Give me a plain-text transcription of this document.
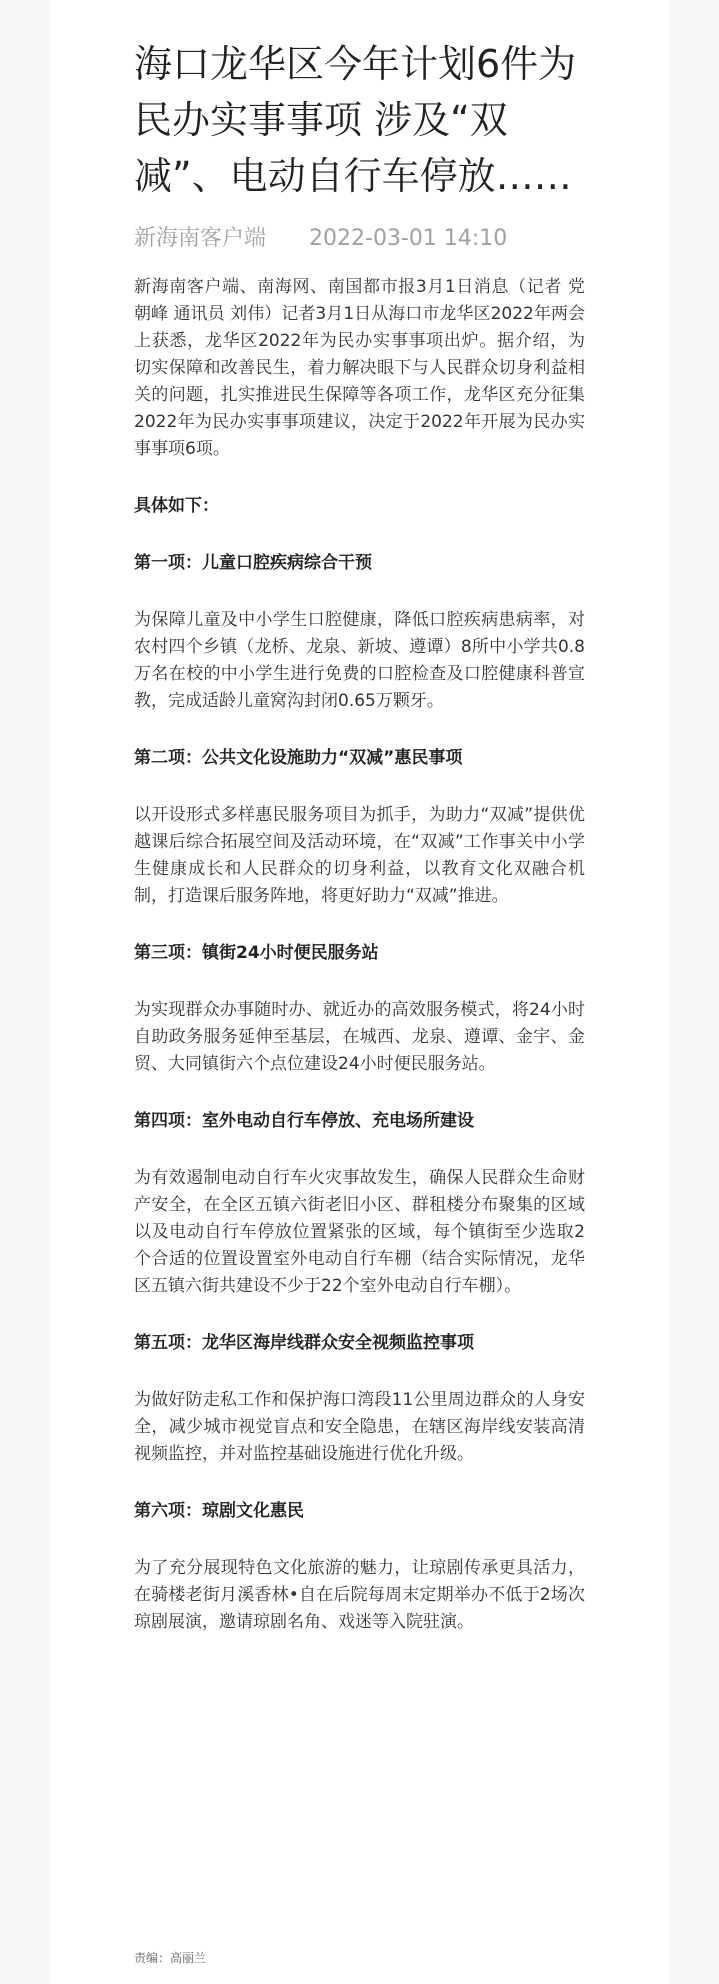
海口龙华区今年计划6件为民办实事事项 涉及“双减”、电动自行车停放……
新海南客户端 2022-03-01 14:10

新海南客户端、南海网、南国都市报3月1日消息（记者 党朝峰 通讯员 刘伟）记者3月1日从海口市龙华区2022年两会上获悉，龙华区2022年为民办实事事项出炉。据介绍，为切实保障和改善民生，着力解决眼下与人民群众切身利益相关的问题，扎实推进民生保障等各项工作，龙华区充分征集2022年为民办实事事项建议，决定于2022年开展为民办实事事项6项。

具体如下：

第一项：儿童口腔疾病综合干预

为保障儿童及中小学生口腔健康，降低口腔疾病患病率，对农村四个乡镇（龙桥、龙泉、新坡、遵谭）8所中小学共0.8万名在校的中小学生进行免费的口腔检查及口腔健康科普宣教，完成适龄儿童窝沟封闭0.65万颗牙。

第二项：公共文化设施助力“双减”惠民事项

以开设形式多样惠民服务项目为抓手，为助力“双减”提供优越课后综合拓展空间及活动环境，在“双减”工作事关中小学生健康成长和人民群众的切身利益，以教育文化双融合机制，打造课后服务阵地，将更好助力“双减”推进。

第三项：镇街24小时便民服务站

为实现群众办事随时办、就近办的高效服务模式，将24小时自助政务服务延伸至基层，在城西、龙泉、遵谭、金宇、金贸、大同镇街六个点位建设24小时便民服务站。

第四项：室外电动自行车停放、充电场所建设

为有效遏制电动自行车火灾事故发生，确保人民群众生命财产安全，在全区五镇六街老旧小区、群租楼分布聚集的区域以及电动自行车停放位置紧张的区域，每个镇街至少选取2个合适的位置设置室外电动自行车棚（结合实际情况，龙华区五镇六街共建设不少于22个室外电动自行车棚）。

第五项：龙华区海岸线群众安全视频监控事项

为做好防走私工作和保护海口湾段11公里周边群众的人身安全，减少城市视觉盲点和安全隐患，在辖区海岸线安装高清视频监控，并对监控基础设施进行优化升级。

第六项：琼剧文化惠民

为了充分展现特色文化旅游的魅力，让琼剧传承更具活力，在骑楼老街月溪香林•自在后院每周末定期举办不低于2场次琼剧展演，邀请琼剧名角、戏迷等入院驻演。

责编：高丽兰
